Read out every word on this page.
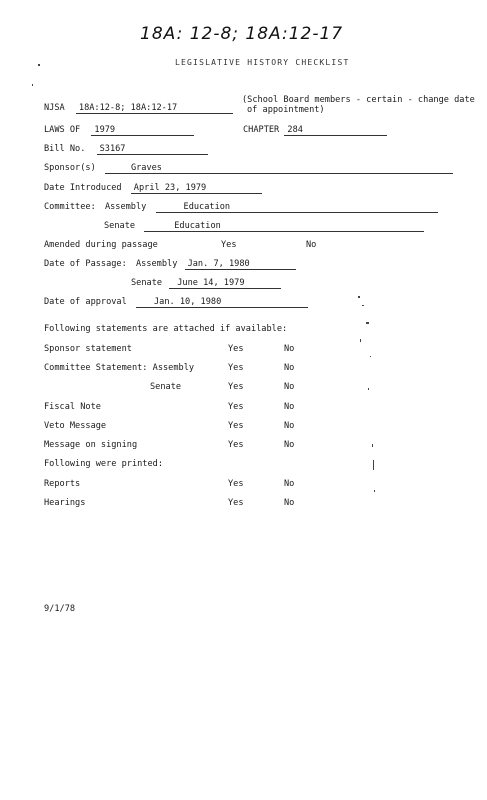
18A: 12-8; 18A:12-17
LEGISLATIVE HISTORY CHECKLIST
NJSA 18A:12-8; 18A:12-17
(School Board members - certain - change date
of appointment)
LAWS OF 1979	CHAPTER 284
Bill No. S3167
Sponsor(s)	Graves
Date Introduced April 23, 1979
Committee: Assembly	Education
Senate	Education
Amended during passage	Yes	No
Date of Passage: Assembly Jan. 7, 1980
Senate June 14, 1979
Date of approval	Jan. 10, 1980
Following statements are attached if available:
Sponsor statement	Yes	No
Committee Statement: Assembly	Yes	No
Senate	Yes	No
Fiscal Note	Yes	No
Veto Message	Yes	No
Message on signing	Yes	No
Following were printed:
Reports	Yes	No
Hearings	Yes	No
9/1/78
